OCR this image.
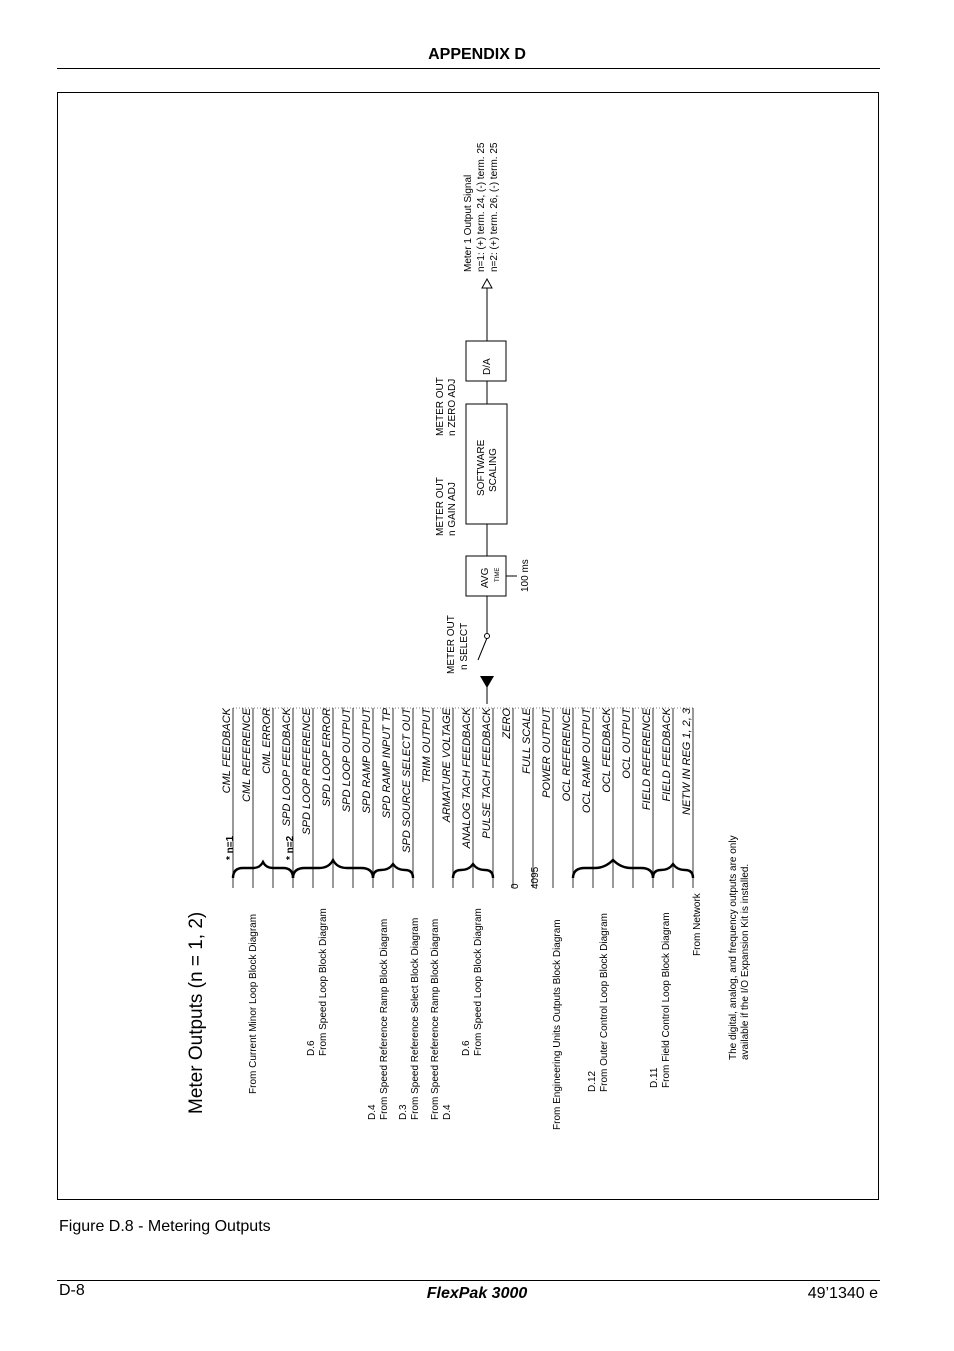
APPENDIX D
Meter Outputs (n = 1, 2)
CML FEEDBACK CML REFERENCE CML ERROR SPD LOOP FEEDBACK SPD LOOP REFERENCE SPD LOOP ERROR SPD LOOP OUTPUT SPD RAMP OUTPUT SPD RAMP INPUT TP SPD SOURCE SELECT OUT TRIM OUTPUT ARMATURE VOLTAGE ANALOG TACH FEEDBACK PULSE TACH FEEDBACK ZERO FULL SCALE POWER OUTPUT OCL REFERENCE OCL RAMP OUTPUT OCL FEEDBACK OCL OUTPUT FIELD REFERENCE FIELD FEEDBACK NETW IN REG 1, 2, 3
* n=1	* n=2
From Current Minor Loop Block Diagram	D.6 From Speed Loop Block Diagram
D.4 From Speed Reference Ramp Block Diagram D.3 From Speed Reference Select Block Diagram From Speed Reference Ramp Block Diagram D.4
D.6 From Speed Loop Block Diagram
0 4095
From Engineering Units Outputs Block Diagram D.12 From Outer Control Loop Block Diagram	D.11 From Field Control Loop Block Diagram From Network	The digital, analog, and frequency outputs are only available if the I/O Expansion Kit is installed.
METER OUT n SELECT
AVG TIME 100 ms
SOFTWARE SCALING
METER OUT n GAIN ADJ
METER OUT n ZERO ADJ
D/A
Meter 1 Output Signal n=1: (+) term. 24, (-) term. 25 n=2: (+) term. 26, (-) term. 25
Figure D.8 - Metering Outputs
D-8	FlexPak 3000	49’1340 e
